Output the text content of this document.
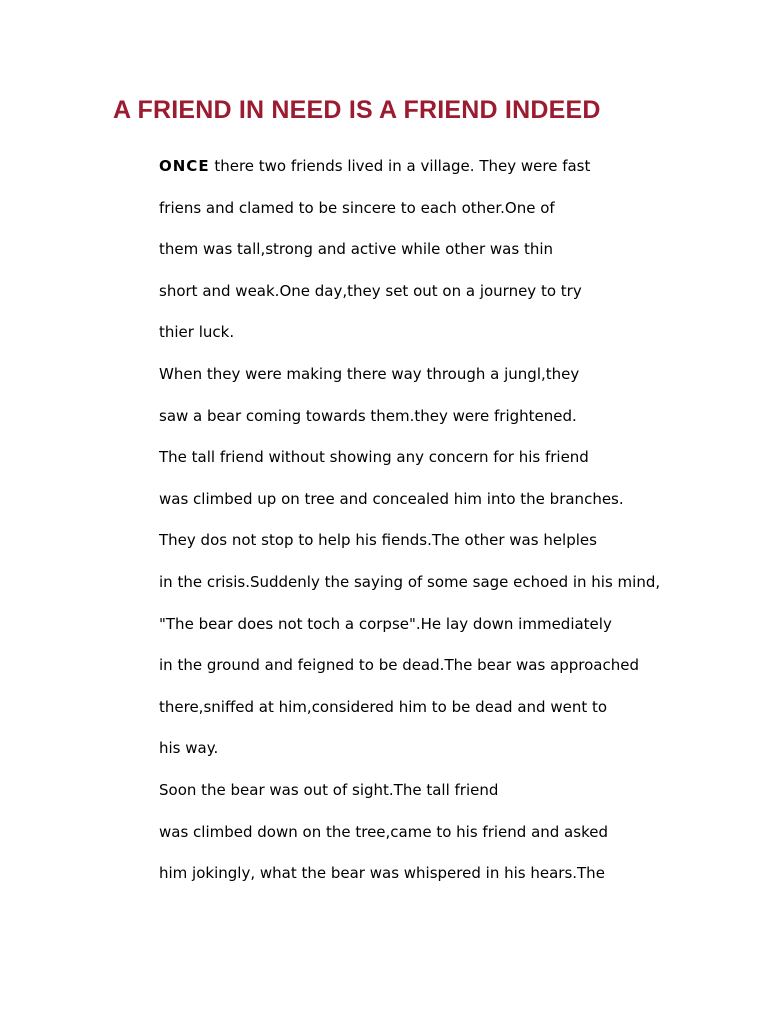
A FRIEND IN NEED IS A FRIEND INDEED
ONCE there two friends lived in a village. They were fast
friens and clamed to be sincere to each other.One of
them was tall,strong and active while other was thin
short and weak.One day,they set out on a journey to try
thier luck.
When they were making there way through a jungl,they
saw a bear coming towards them.they were frightened.
The tall friend without showing any concern for his friend
was climbed up on tree and concealed him into the branches.
They dos not stop to help his fiends.The other was helples
in the crisis.Suddenly the saying of some sage echoed in his mind,
"The bear does not toch a corpse".He lay down immediately
in the ground and feigned to be dead.The bear was approached
there,sniffed at him,considered him to be dead and went to
his way.
Soon the bear was out of sight.The tall friend
was climbed down on the tree,came to his friend and asked
him jokingly, what the bear was whispered in his hears.The
